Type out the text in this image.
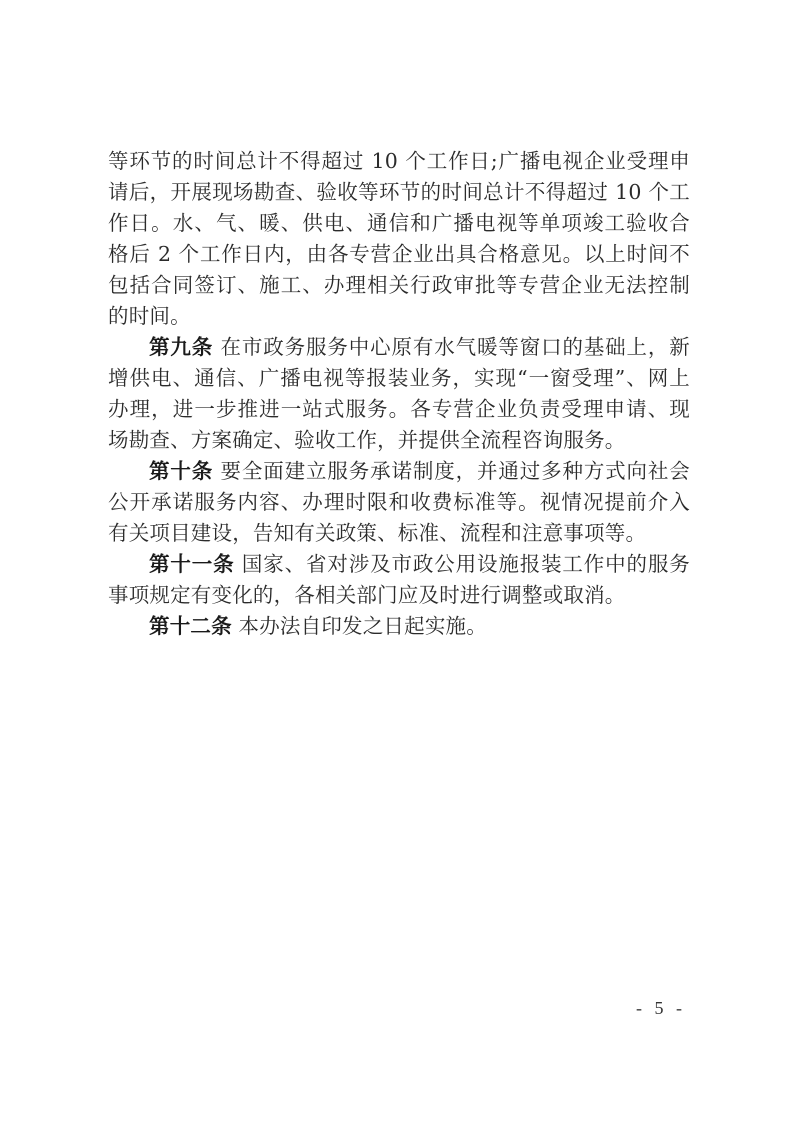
等环节的时间总计不得超过 10 个工作日;广播电视企业受理申
请后，开展现场勘查、验收等环节的时间总计不得超过 10 个工
作日。水、气、暖、供电、通信和广播电视等单项竣工验收合
格后 2 个工作日内，由各专营企业出具合格意见。以上时间不
包括合同签订、施工、办理相关行政审批等专营企业无法控制
的时间。
第九条 在市政务服务中心原有水气暖等窗口的基础上，新
增供电、通信、广播电视等报装业务，实现“一窗受理”、网上
办理，进一步推进一站式服务。各专营企业负责受理申请、现
场勘查、方案确定、验收工作，并提供全流程咨询服务。
第十条 要全面建立服务承诺制度，并通过多种方式向社会
公开承诺服务内容、办理时限和收费标准等。视情况提前介入
有关项目建设，告知有关政策、标准、流程和注意事项等。
第十一条 国家、省对涉及市政公用设施报装工作中的服务
事项规定有变化的，各相关部门应及时进行调整或取消。
第十二条 本办法自印发之日起实施。
- 5 -
